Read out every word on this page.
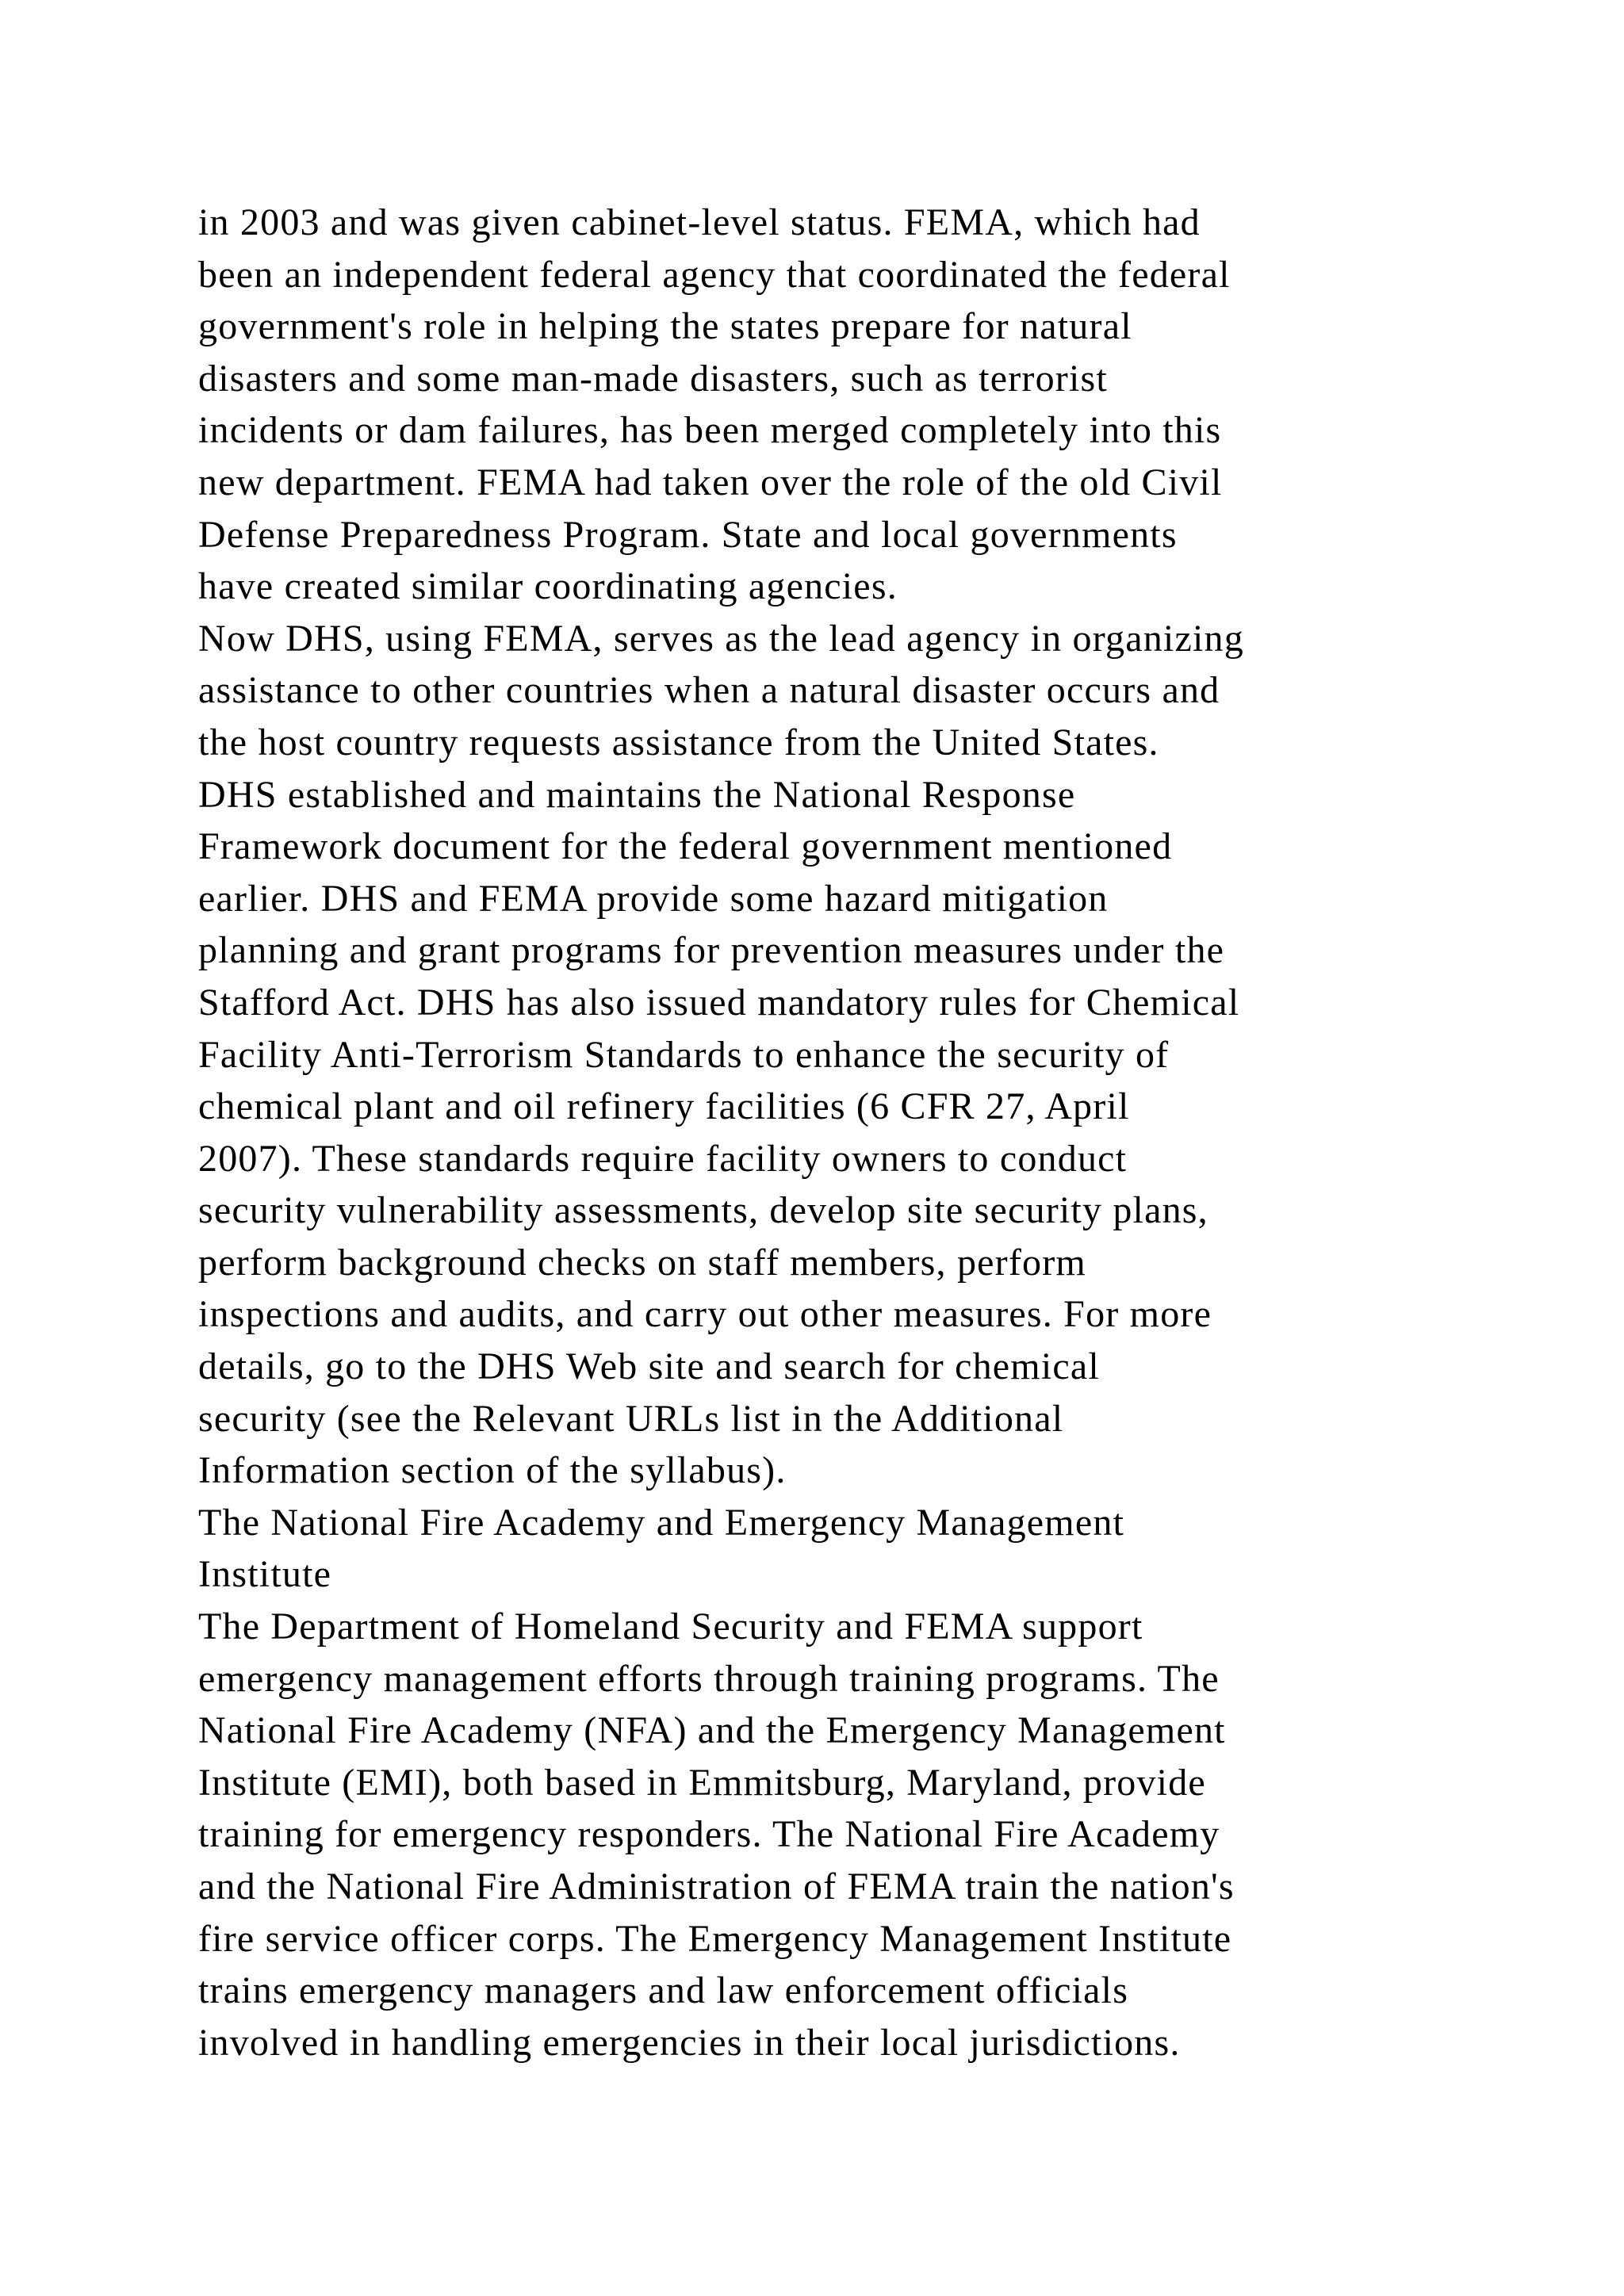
in 2003 and was given cabinet-level status. FEMA, which had
been an independent federal agency that coordinated the federal
government's role in helping the states prepare for natural
disasters and some man-made disasters, such as terrorist
incidents or dam failures, has been merged completely into this
new department. FEMA had taken over the role of the old Civil
Defense Preparedness Program. State and local governments
have created similar coordinating agencies.
Now DHS, using FEMA, serves as the lead agency in organizing
assistance to other countries when a natural disaster occurs and
the host country requests assistance from the United States.
DHS established and maintains the National Response
Framework document for the federal government mentioned
earlier. DHS and FEMA provide some hazard mitigation
planning and grant programs for prevention measures under the
Stafford Act. DHS has also issued mandatory rules for Chemical
Facility Anti-Terrorism Standards to enhance the security of
chemical plant and oil refinery facilities (6 CFR 27, April
2007). These standards require facility owners to conduct
security vulnerability assessments, develop site security plans,
perform background checks on staff members, perform
inspections and audits, and carry out other measures. For more
details, go to the DHS Web site and search for chemical
security (see the Relevant URLs list in the Additional
Information section of the syllabus).
The National Fire Academy and Emergency Management
Institute
The Department of Homeland Security and FEMA support
emergency management efforts through training programs. The
National Fire Academy (NFA) and the Emergency Management
Institute (EMI), both based in Emmitsburg, Maryland, provide
training for emergency responders. The National Fire Academy
and the National Fire Administration of FEMA train the nation's
fire service officer corps. The Emergency Management Institute
trains emergency managers and law enforcement officials
involved in handling emergencies in their local jurisdictions.
